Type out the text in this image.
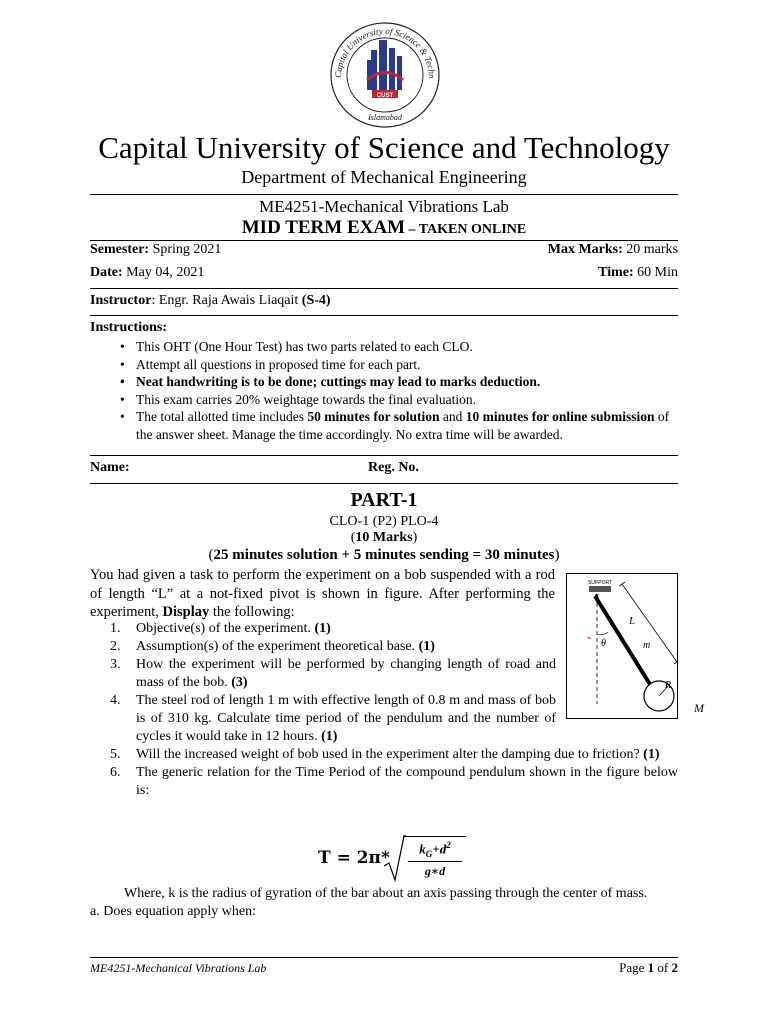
Capital University of Science & Techn
CUST
Islamabad
Capital University of Science and Technology
Department of Mechanical Engineering
ME4251-Mechanical Vibrations Lab
MID TERM EXAM – TAKEN ONLINE
Semester: Spring 2021	Max Marks: 20 marks
Date: May 04, 2021	Time: 60 Min
Instructor: Engr. Raja Awais Liaqait (S-4)
Instructions:
• This OHT (One Hour Test) has two parts related to each CLO.
• Attempt all questions in proposed time for each part.
• Neat handwriting is to be done; cuttings may lead to marks deduction.
• This exam carries 20% weightage towards the final evaluation.
• The total allotted time includes 50 minutes for solution and 10 minutes for online submission of the answer sheet. Manage the time accordingly. No extra time will be awarded.
Name:	Reg. No.
PART-1
CLO-1 (P2) PLO-4
(10 Marks)
(25 minutes solution + 5 minutes sending = 30 minutes)
You had given a task to perform the experiment on a bob suspended with a rod of length “L” at a not-fixed pivot is shown in figure. After performing the experiment, Display the following:
SUPPORT
θ
L
m
R
M
1. Objective(s) of the experiment. (1)
2. Assumption(s) of the experiment theoretical base. (1)
3. How the experiment will be performed by changing length of road and mass of the bob. (3)
4. The steel rod of length 1 m with effective length of 0.8 m and mass of bob is of 310 kg. Calculate time period of the pendulum and the number of cycles it would take in 12 hours. (1)
5. Will the increased weight of bob used in the experiment alter the damping due to friction? (1)
6. The generic relation for the Time Period of the compound pendulum shown in the figure below is:
T = 2π*	$k_G+d^2$
g∗d
Where, k is the radius of gyration of the bar about an axis passing through the center of mass.
a. Does equation apply when:
ME4251-Mechanical Vibrations Lab	Page 1 of 2
